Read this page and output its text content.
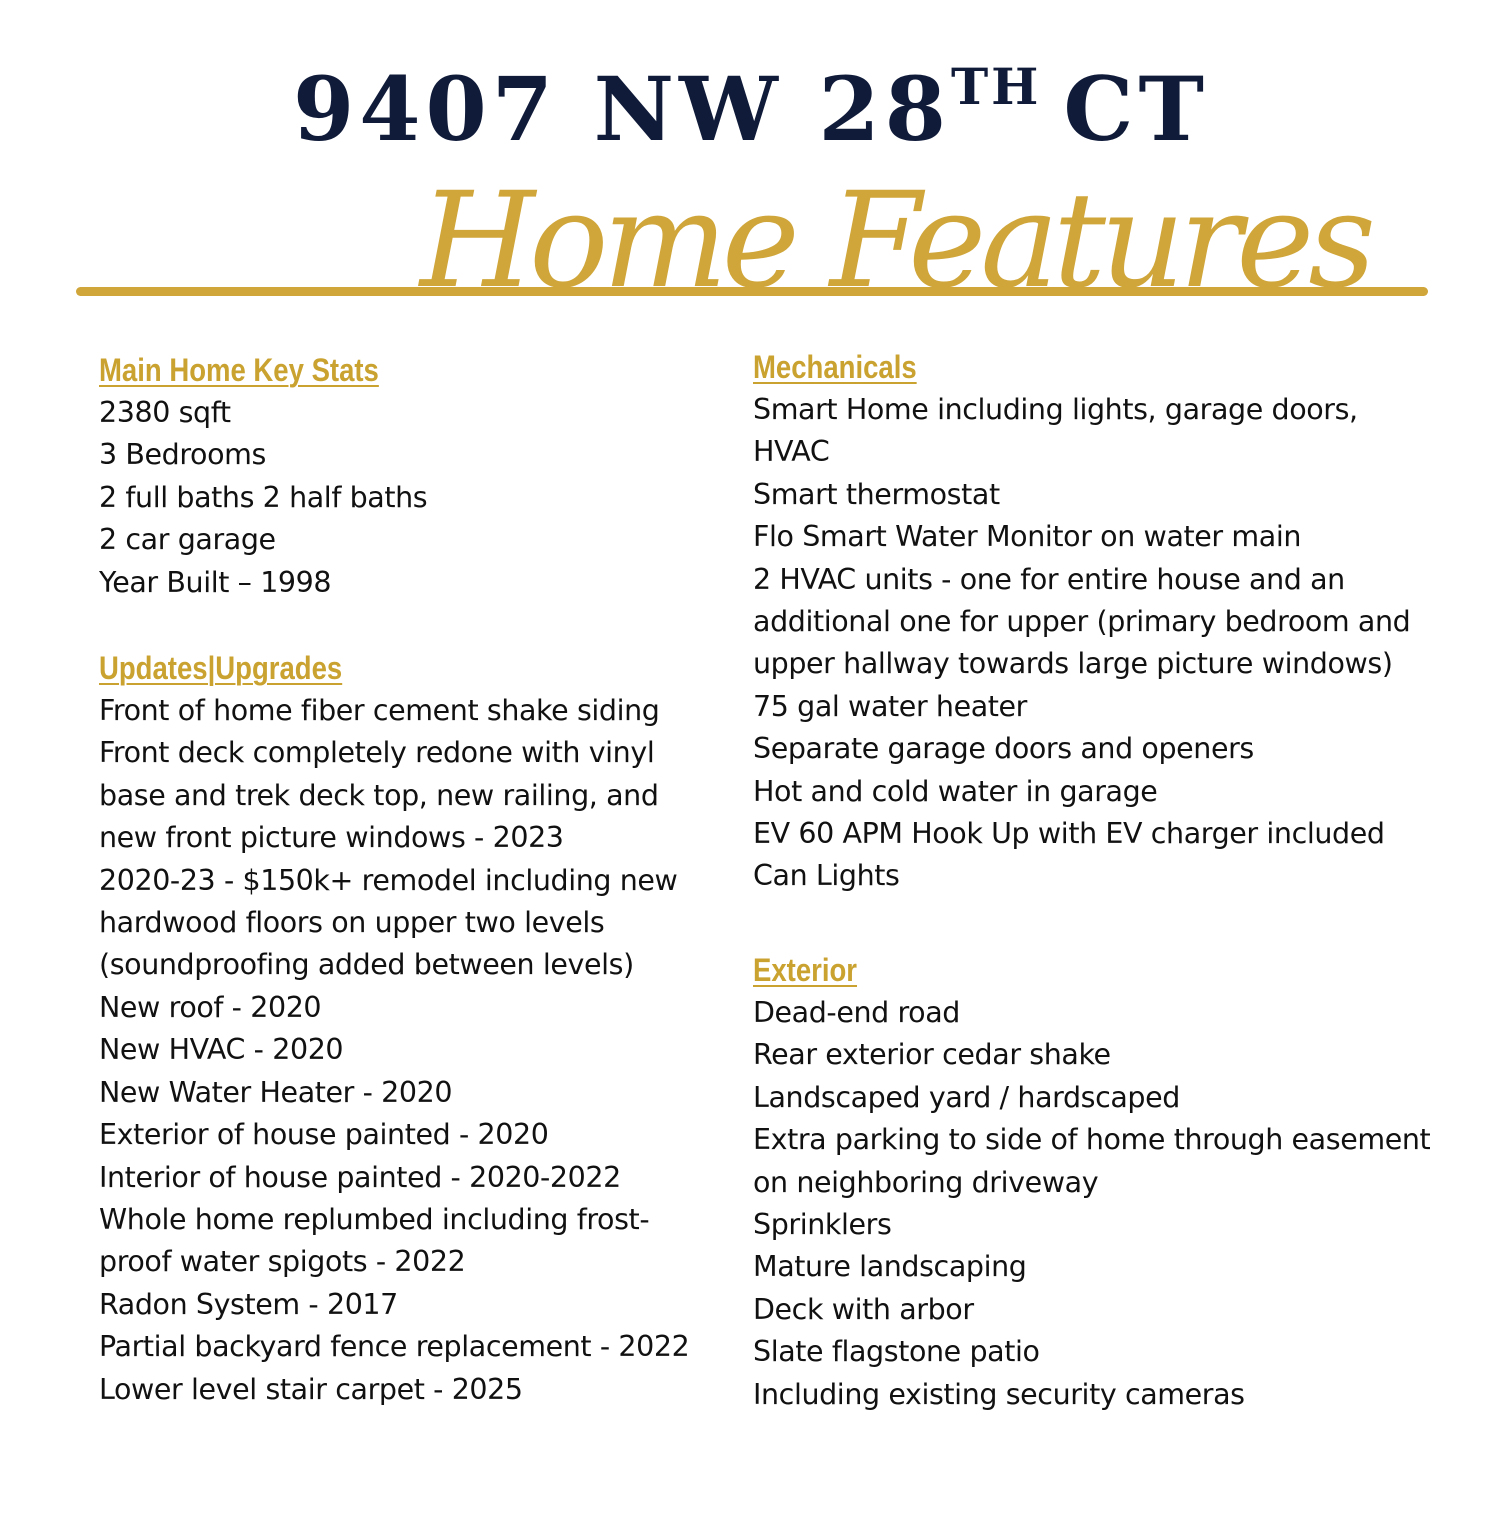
9407 NW 28TH CT
Home Features
Main Home Key Stats
2380 sqft
3 Bedrooms
2 full baths 2 half baths
2 car garage
Year Built – 1998
Updates|Upgrades
Front of home fiber cement shake siding
Front deck completely redone with vinyl base and trek deck top, new railing, and new front picture windows - 2023
2020-23 - $150k+ remodel including new hardwood floors on upper two levels (soundproofing added between levels)
New roof - 2020
New HVAC - 2020
New Water Heater - 2020
Exterior of house painted - 2020
Interior of house painted - 2020-2022
Whole home replumbed including frost-proof water spigots - 2022
Radon System - 2017
Partial backyard fence replacement - 2022
Lower level stair carpet - 2025
Mechanicals
Smart Home including lights, garage doors, HVAC
Smart thermostat
Flo Smart Water Monitor on water main
2 HVAC units - one for entire house and an additional one for upper (primary bedroom and upper hallway towards large picture windows)
75 gal water heater
Separate garage doors and openers
Hot and cold water in garage
EV 60 APM Hook Up with EV charger included
Can Lights
Exterior
Dead-end road
Rear exterior cedar shake
Landscaped yard / hardscaped
Extra parking to side of home through easement on neighboring driveway
Sprinklers
Mature landscaping
Deck with arbor
Slate flagstone patio
Including existing security cameras
